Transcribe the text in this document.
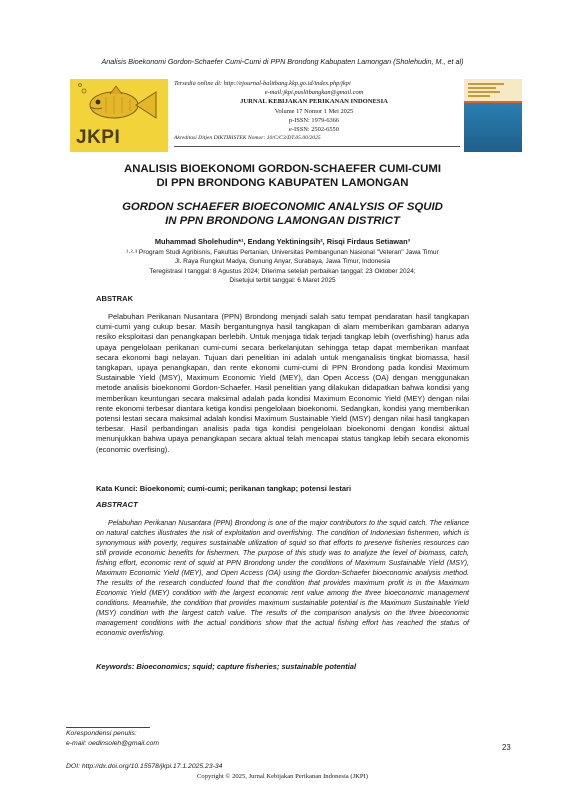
Analisis Bioekonomi Gordon-Schaefer Cumi-Cumi di PPN Brondong Kabupaten Lamongan (Sholehudin, M., et al)
JKPI
Tersedia online di: http://ejournal-balitbang.kkp.go.id/index.php/jkpi
e-mail:jkpi.puslitbangkan@gmail.com
JURNAL KEBIJAKAN PERIKANAN INDONESIA
Volume 17 Nomor 1 Mei 2025
p-ISSN: 1979-6366
e-ISSN: 2502-6550
Akreditasi Ditjen DIKTIRISTEK Nomor: 10/C/C3/DT.05.00/2025
ANALISIS BIOEKONOMI GORDON-SCHAEFER CUMI-CUMI
DI PPN BRONDONG KABUPATEN LAMONGAN
GORDON SCHAEFER BIOECONOMIC ANALYSIS OF SQUID
IN PPN BRONDONG LAMONGAN DISTRICT
Muhammad Sholehudin*¹, Endang Yektiningsih², Risqi Firdaus Setiawan³
¹·²·³ Program Studi Agribisnis, Fakultas Pertanian, Universitas Pembangunan Nasional "Veteran" Jawa Timur
Jl. Raya Rungkut Madya, Gunung Anyar, Surabaya, Jawa Timur, Indonesia
Teregistrasi I tanggal: 8 Agustus 2024; Diterima setelah perbaikan tanggal: 23 Oktober 2024;
Disetujui terbit tanggal: 6 Maret 2025
ABSTRAK
Pelabuhan Perikanan Nusantara (PPN) Brondong menjadi salah satu tempat pendaratan hasil tangkapan cumi-cumi yang cukup besar. Masih bergantungnya hasil tangkapan di alam memberikan gambaran adanya resiko eksploitasi dan penangkapan berlebih. Untuk menjaga tidak terjadi tangkap lebih (overfishing) harus ada upaya pengelolaan perikanan cumi-cumi secara berkelanjutan sehingga tetap dapat memberikan manfaat secara ekonomi bagi nelayan. Tujuan dari penelitian ini adalah untuk menganalisis tingkat biomassa, hasil tangkapan, upaya penangkapan, dan rente ekonomi cumi-cumi di PPN Brondong pada kondisi Maximum Sustainable Yield (MSY), Maximum Economic Yield (MEY), dan Open Access (OA) dengan menggunakan metode analisis bioekonomi Gordon-Schaefer. Hasil penelitian yang dilakukan didapatkan bahwa kondisi yang memberikan keuntungan secara maksimal adalah pada kondisi Maximum Economic Yield (MEY) dengan nilai rente ekonomi terbesar diantara ketiga kondisi pengelolaan bioekonomi. Sedangkan, kondisi yang memberikan potensi lestari secara maksimal adalah kondisi Maximum Sustainable Yield (MSY) dengan nilai hasil tangkapan terbesar. Hasil perbandingan analisis pada tiga kondisi pengelolaan bioekonomi dengan kondisi aktual menunjukkan bahwa upaya penangkapan secara aktual telah mencapai status tangkap lebih secara ekonomis (economic overfising).
Kata Kunci: Bioekonomi; cumi-cumi; perikanan tangkap; potensi lestari
ABSTRACT
Pelabuhan Perikanan Nusantara (PPN) Brondong is one of the major contributors to the squid catch. The reliance on natural catches illustrates the risk of exploitation and overfishing. The condition of Indonesian fishermen, which is synonymous with poverty, requires sustainable utilization of squid so that efforts to preserve fisheries resources can still provide economic benefits for fishermen. The purpose of this study was to analyze the level of biomass, catch, fishing effort, economic rent of squid at PPN Brondong under the conditions of Maximum Sustainable Yield (MSY), Maximum Economic Yield (MEY), and Open Access (OA) using the Gordon-Schaefer bioeconomic analysis method. The results of the research conducted found that the condition that provides maximum profit is in the Maximum Economic Yield (MEY) condition with the largest economic rent value among the three bioeconomic management conditions. Meanwhile, the condition that provides maximum sustainable potential is the Maximum Sustainable Yield (MSY) condition with the largest catch value. The results of the comparison analysis on the three bioeconomic management conditions with the actual conditions show that the actual fishing effort has reached the status of economic overfishing.
Keywords: Bioeconomics; squid; capture fisheries; sustainable potential
Korespondensi penulis:
e-mail: oedinsoleh@gmail.com	23
DOI: http://dx.doi.org/10.15578/jkpi.17.1.2025.23-34
Copyright © 2025, Jurnal Kebijakan Perikanan Indonesia (JKPI)
